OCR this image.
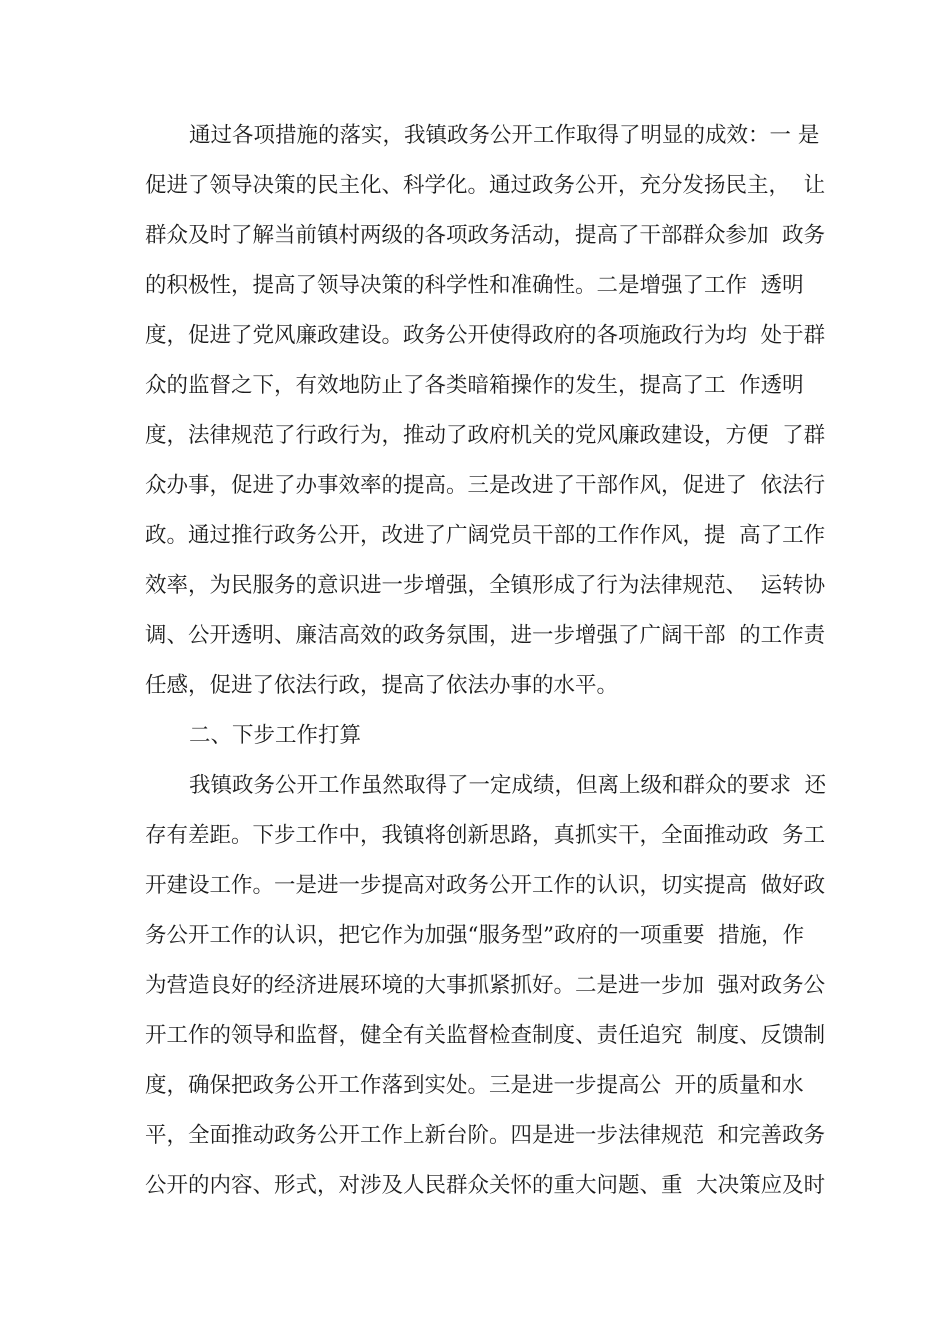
通过各项措施的落实，我镇政务公开工作取得了明显的成效：一 是
促进了领导决策的民主化、科学化。通过政务公开，充分发扬民主，  让
群众及时了解当前镇村两级的各项政务活动，提高了干部群众参加  政务
的积极性，提高了领导决策的科学性和准确性。二是增强了工作  透明
度，促进了党风廉政建设。政务公开使得政府的各项施政行为均  处于群
众的监督之下，有效地防止了各类暗箱操作的发生，提高了工  作透明
度，法律规范了行政行为，推动了政府机关的党风廉政建设，方便  了群
众办事，促进了办事效率的提高。三是改进了干部作风，促进了  依法行
政。通过推行政务公开，改进了广阔党员干部的工作作风，提  高了工作
效率，为民服务的意识进一步增强，全镇形成了行为法律规范、  运转协
调、公开透明、廉洁高效的政务氛围，进一步增强了广阔干部  的工作责
任感，促进了依法行政，提高了依法办事的水平。
二、下步工作打算
我镇政务公开工作虽然取得了一定成绩，但离上级和群众的要求  还
存有差距。下步工作中，我镇将创新思路，真抓实干，全面推动政  务工
开建设工作。一是进一步提高对政务公开工作的认识，切实提高  做好政
务公开工作的认识，把它作为加强“服务型”政府的一项重要  措施，作
为营造良好的经济进展环境的大事抓紧抓好。二是进一步加  强对政务公
开工作的领导和监督，健全有关监督检查制度、责任追究  制度、反馈制
度，确保把政务公开工作落到实处。三是进一步提高公  开的质量和水
平，全面推动政务公开工作上新台阶。四是进一步法律规范  和完善政务
公开的内容、形式，对涉及人民群众关怀的重大问题、重  大决策应及时
